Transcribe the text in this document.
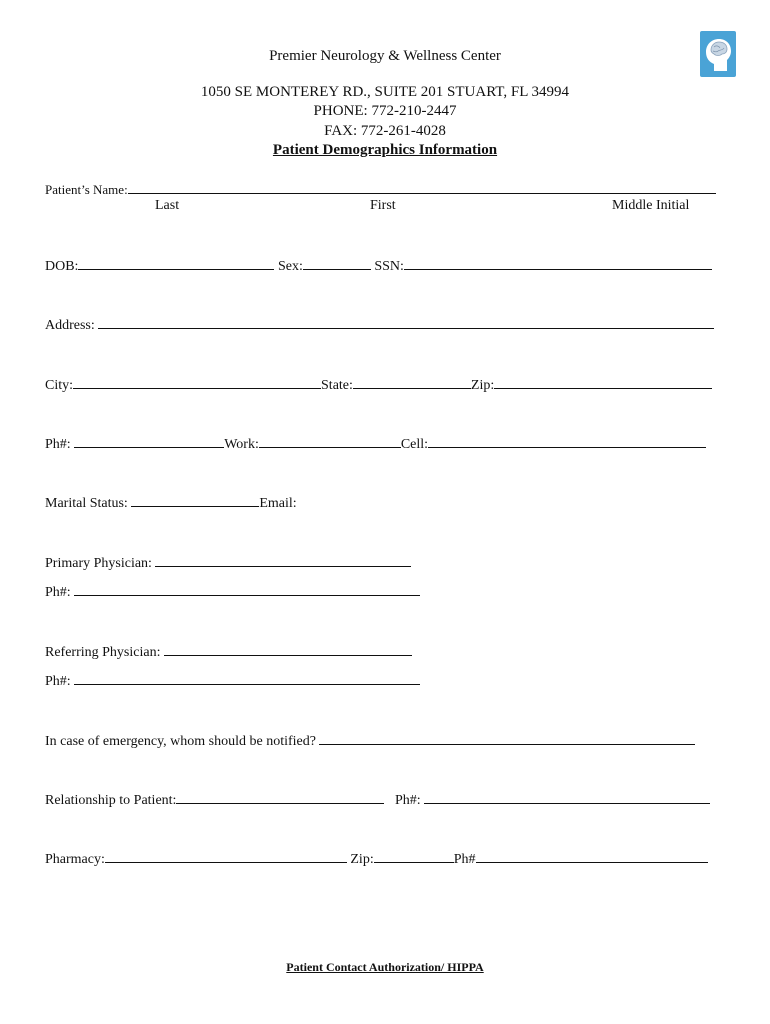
Premier Neurology & Wellness Center
1050 SE MONTEREY RD., SUITE 201 STUART, FL 34994
PHONE: 772-210-2447
FAX: 772-261-4028
Patient Demographics Information
Patient’s Name:
Last	First	Middle Initial
DOB:	Sex:	SSN:
Address:
City:	State:	Zip:
Ph#:	Work:	Cell:
Marital Status:	Email:
Primary Physician:
Ph#:
Referring Physician:
Ph#:
In case of emergency, whom should be notified?
Relationship to Patient:	Ph#:
Pharmacy:	Zip:	Ph#
Patient Contact Authorization/ HIPPA
